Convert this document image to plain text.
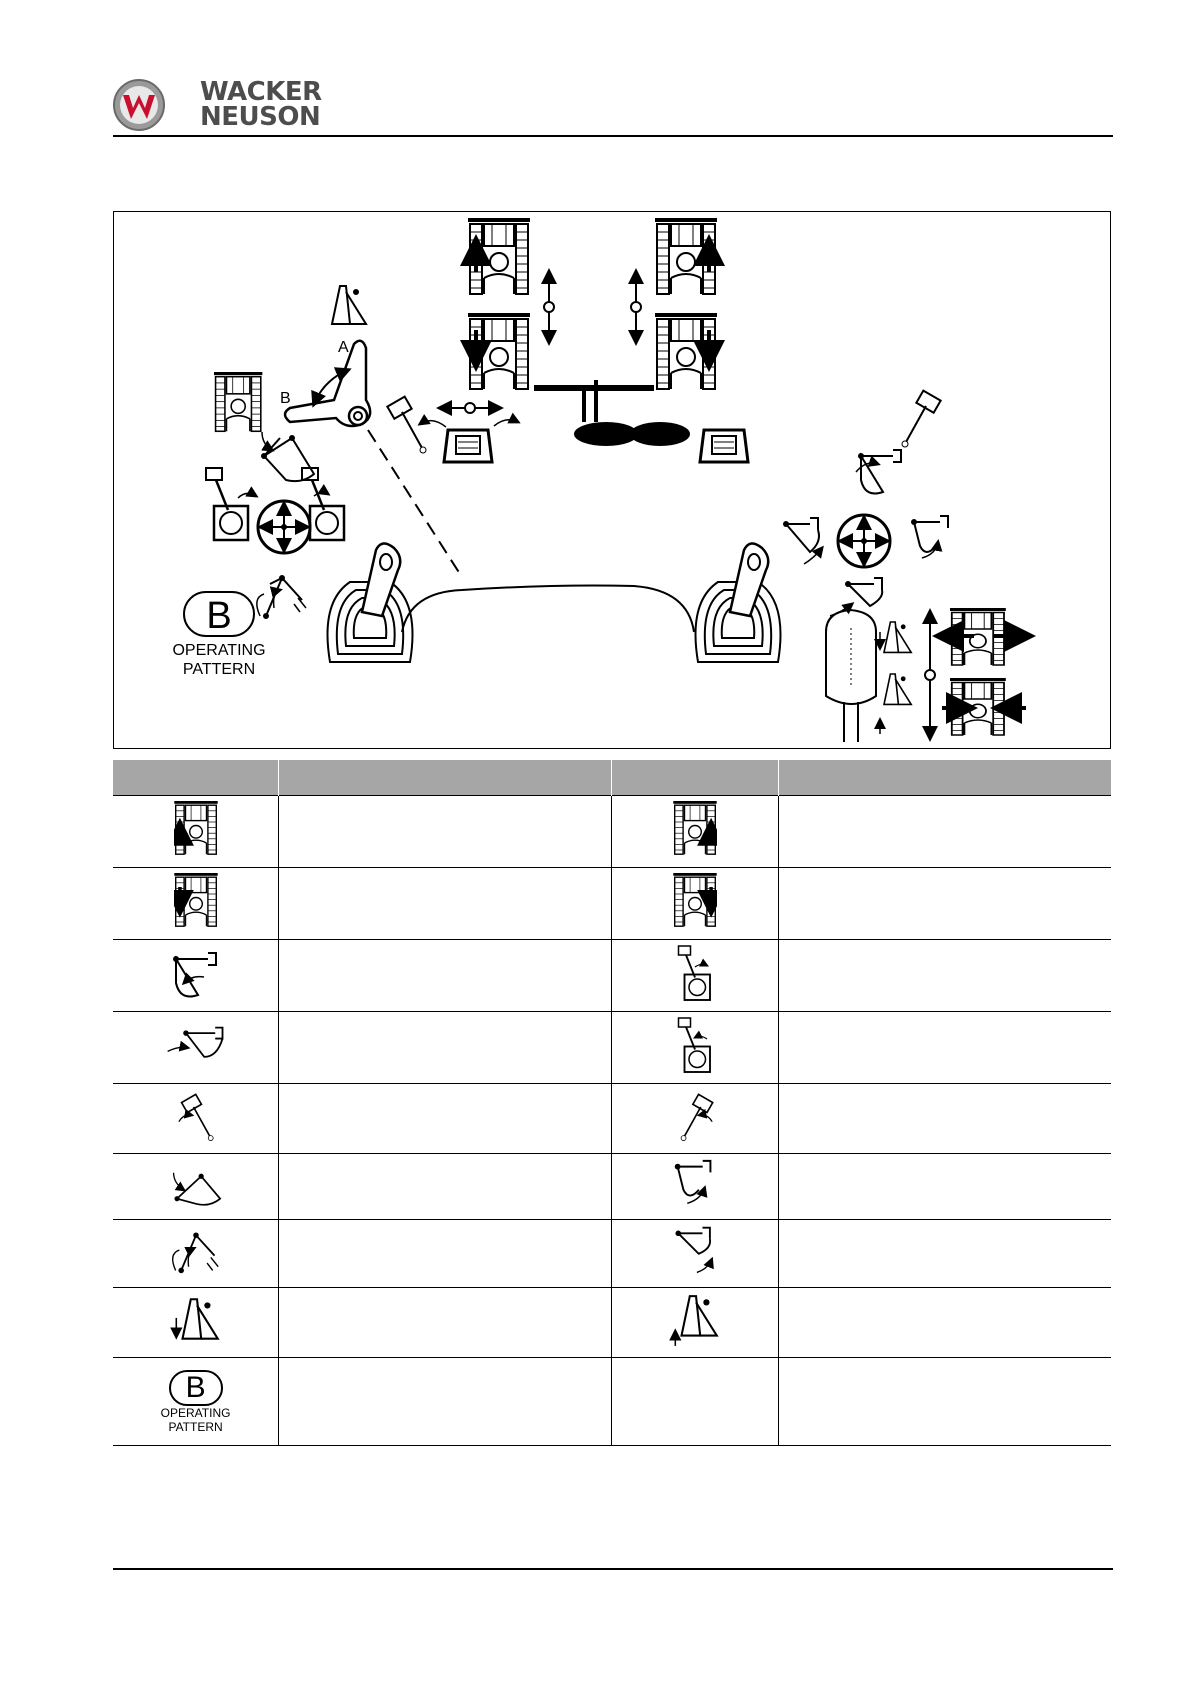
WACKER
NEUSON
B
OPERATING
PATTERN
A
B

B
OPERATING
PATTERN			
